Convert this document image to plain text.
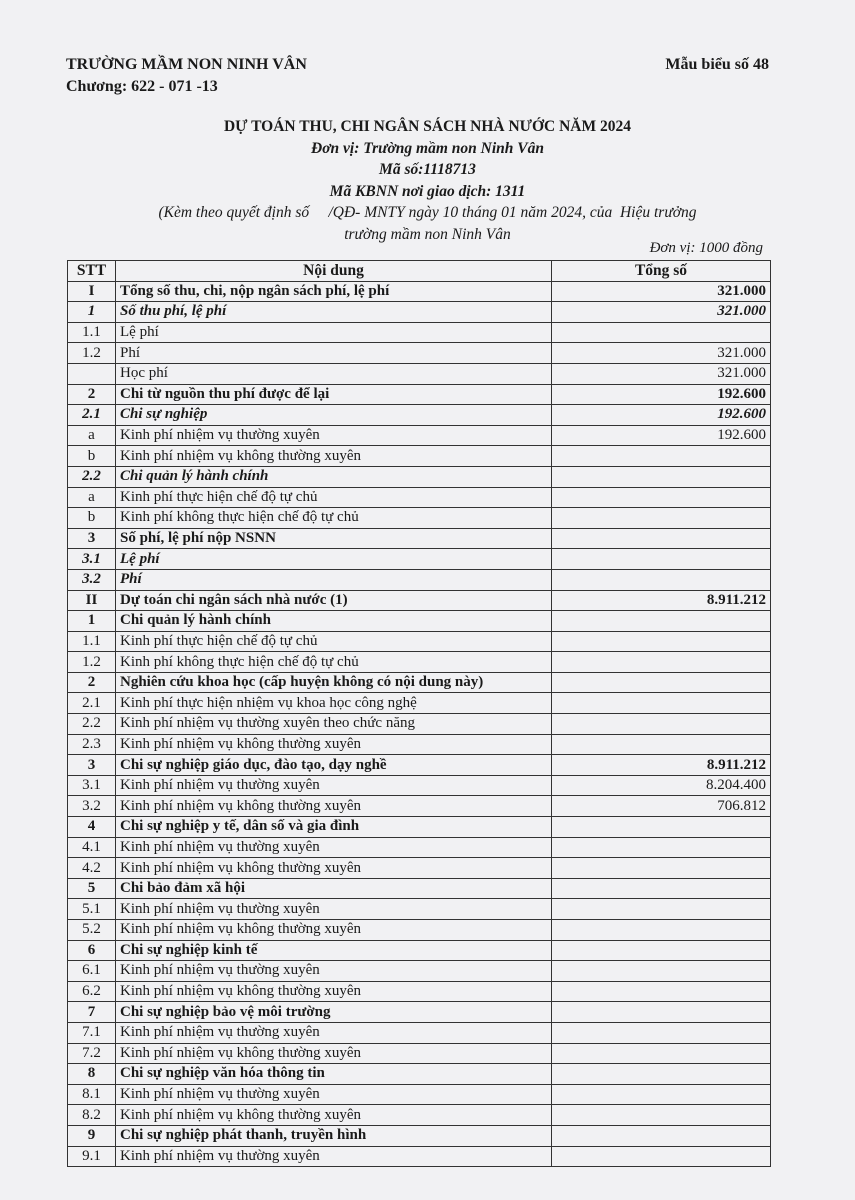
TRƯỜNG MẦM NON NINH VÂN
Chương: 622 - 071 -13
Mẫu biểu số 48
DỰ TOÁN THU, CHI NGÂN SÁCH NHÀ NƯỚC NĂM 2024
Đơn vị: Trường mầm non Ninh Vân
Mã số:1118713
Mã KBNN nơi giao dịch: 1311
(Kèm theo quyết định số     /QĐ- MNTY ngày 10 tháng 01 năm 2024, của  Hiệu trưởng
trường mầm non Ninh Vân
Đơn vị: 1000 đồng
STT	Nội dung	Tổng số
I	Tổng số thu, chi, nộp ngân sách phí, lệ phí	321.000
1	Số thu phí, lệ phí	321.000
1.1	Lệ phí	
1.2	Phí	321.000
	Học phí	321.000
2	Chi từ nguồn thu phí được để lại	192.600
2.1	Chi sự nghiệp	192.600
a	Kinh phí nhiệm vụ thường xuyên	192.600
b	Kinh phí nhiệm vụ không thường xuyên	
2.2	Chi quản lý hành chính	
a	Kinh phí thực hiện chế độ tự chủ	
b	Kinh phí không thực hiện chế độ tự chủ	
3	Số phí, lệ phí nộp NSNN	
3.1	Lệ phí	
3.2	Phí	
II	Dự toán chi ngân sách nhà nước (1)	8.911.212
1	Chi quản lý hành chính	
1.1	Kinh phí thực hiện chế độ tự chủ	
1.2	Kinh phí không thực hiện chế độ tự chủ	
2	Nghiên cứu khoa học (cấp huyện không có nội dung này)	
2.1	Kinh phí thực hiện nhiệm vụ khoa học công nghệ	
2.2	Kinh phí nhiệm vụ thường xuyên theo chức năng	
2.3	Kinh phí nhiệm vụ không thường xuyên	
3	Chi sự nghiệp giáo dục, đào tạo, dạy nghề	8.911.212
3.1	Kinh phí nhiệm vụ thường xuyên	8.204.400
3.2	Kinh phí nhiệm vụ không thường xuyên	706.812
4	Chi sự nghiệp y tế, dân số và gia đình	
4.1	Kinh phí nhiệm vụ thường xuyên	
4.2	Kinh phí nhiệm vụ không thường xuyên	
5	Chi bảo đảm xã hội	
5.1	Kinh phí nhiệm vụ thường xuyên	
5.2	Kinh phí nhiệm vụ không thường xuyên	
6	Chi sự nghiệp kinh tế	
6.1	Kinh phí nhiệm vụ thường xuyên	
6.2	Kinh phí nhiệm vụ không thường xuyên	
7	Chi sự nghiệp bảo vệ môi trường	
7.1	Kinh phí nhiệm vụ thường xuyên	
7.2	Kinh phí nhiệm vụ không thường xuyên	
8	Chi sự nghiệp văn hóa thông tin	
8.1	Kinh phí nhiệm vụ thường xuyên	
8.2	Kinh phí nhiệm vụ không thường xuyên	
9	Chi sự nghiệp phát thanh, truyền hình	
9.1	Kinh phí nhiệm vụ thường xuyên	
